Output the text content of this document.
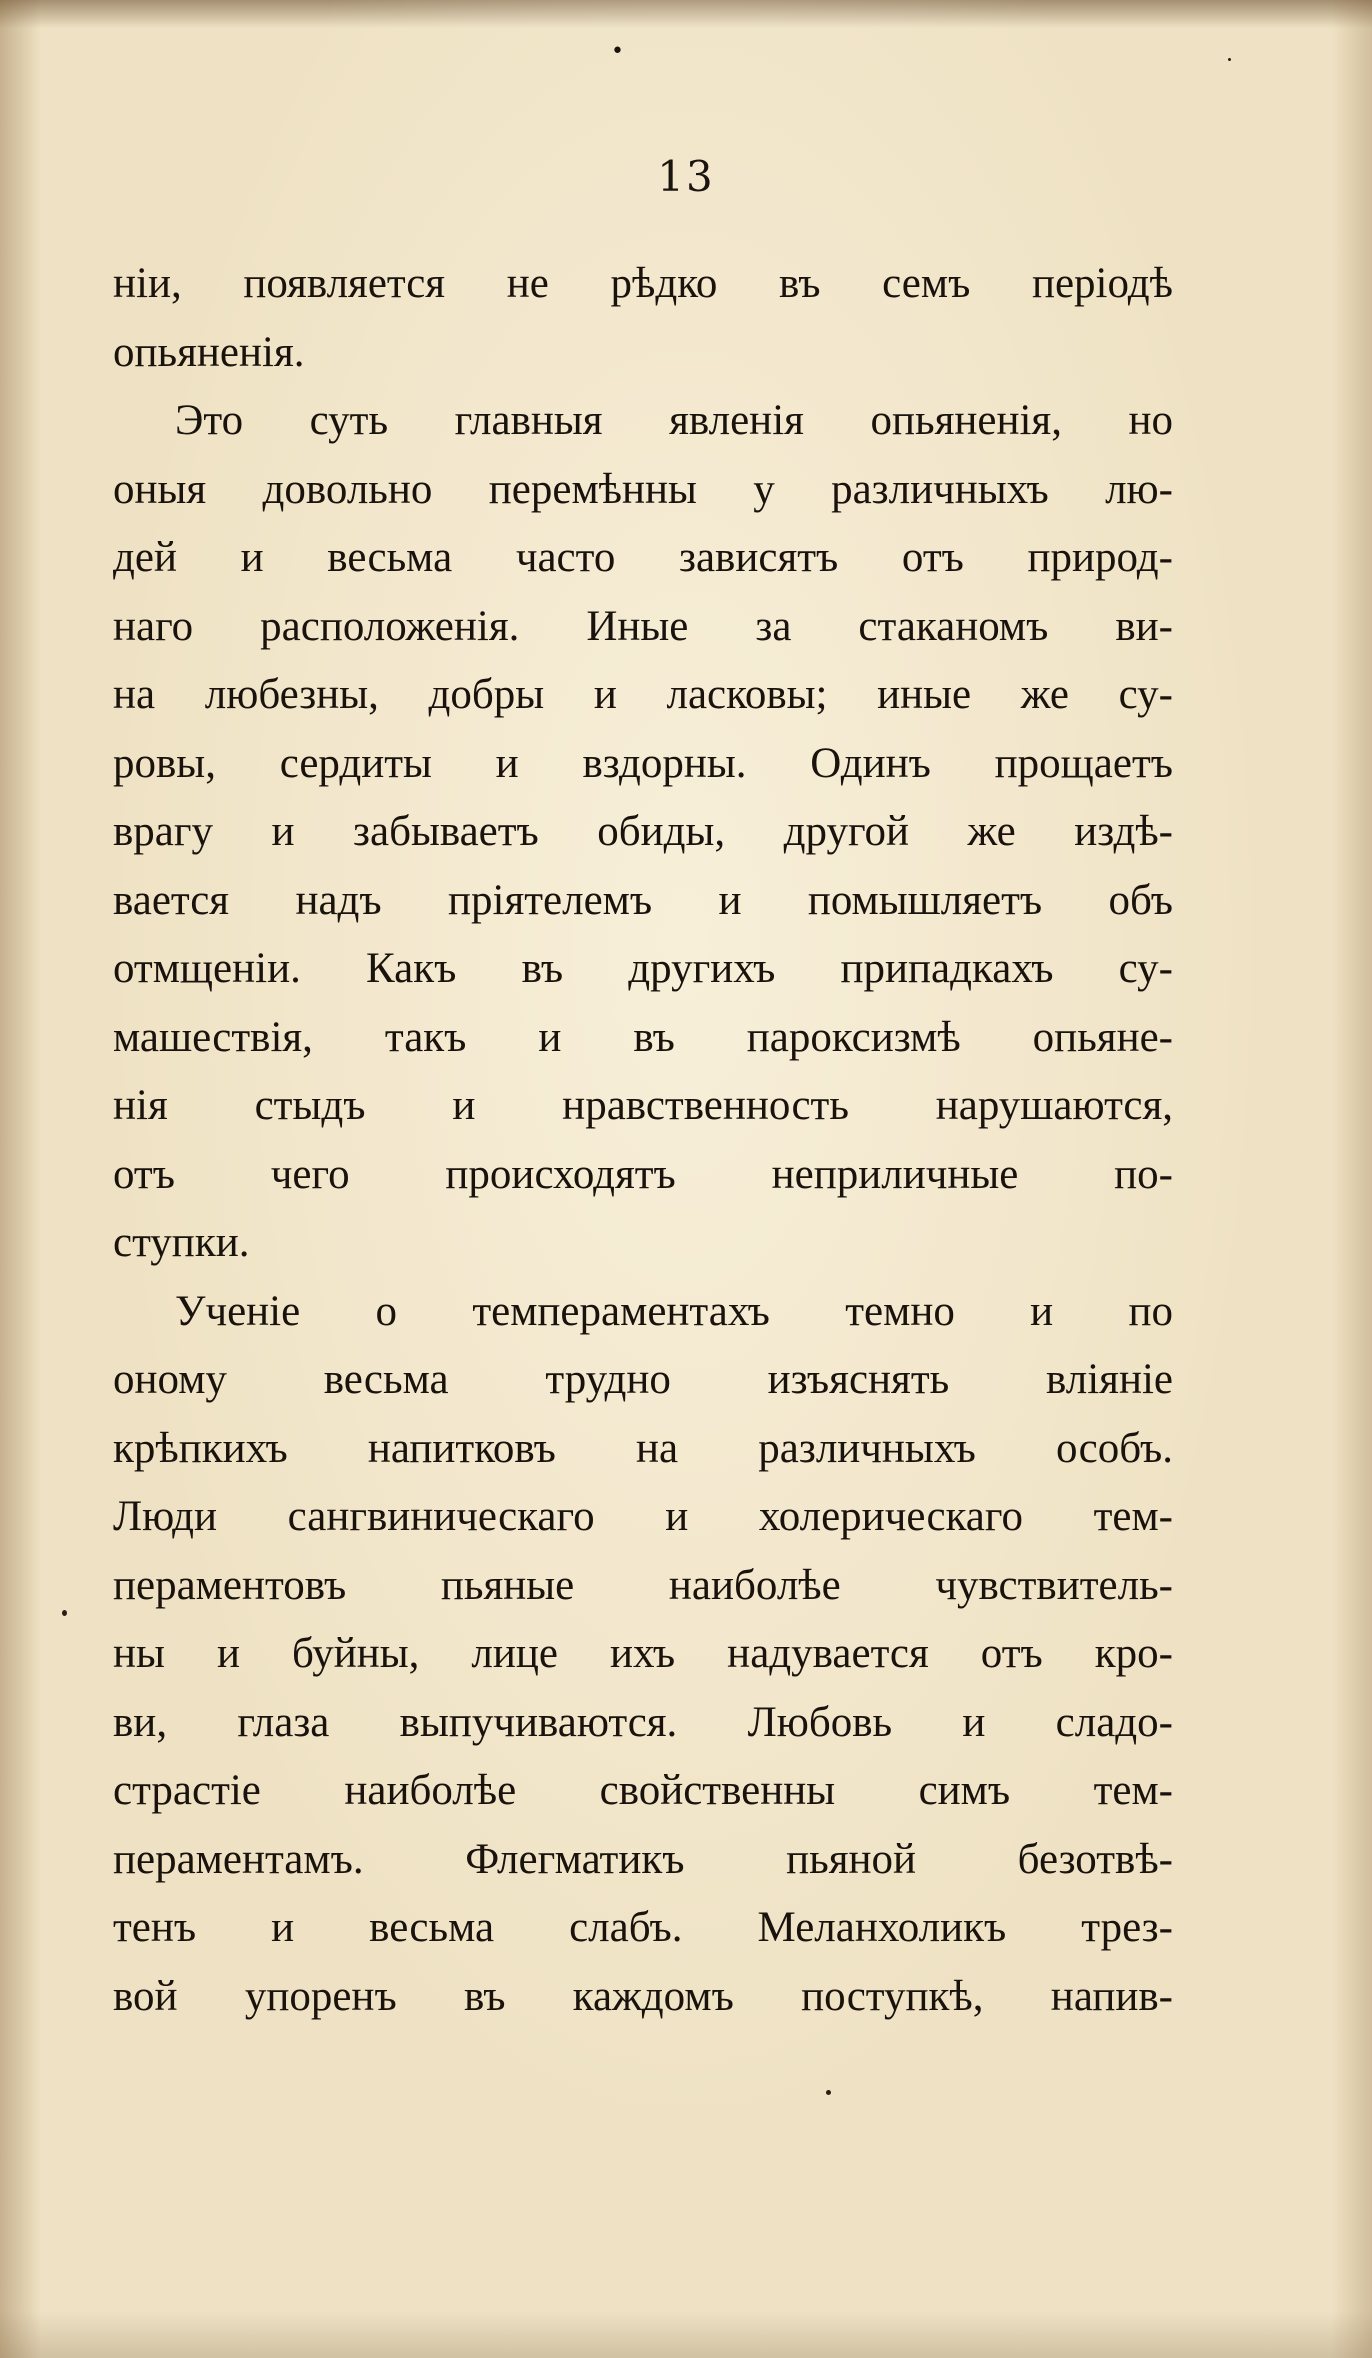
•
13
нiи, появляется не рѣдко въ семъ перiодѣ
опьяненiя.
Это суть главныя явленiя опьяненiя, но
оныя довольно перемѣнны у различныхъ лю-
дей и весьма часто зависятъ отъ природ-
наго расположенiя. Иные за стаканомъ ви-
на любезны, добры и ласковы; иные же су-
ровы, сердиты и вздорны. Одинъ прощаетъ
врагу и забываетъ обиды, другой же издѣ-
вается надъ прiятелемъ и помышляетъ объ
отмщенiи. Какъ въ другихъ припадкахъ су-
машествiя, такъ и въ пароксизмѣ опьяне-
нiя стыдъ и нравственность нарушаются,
отъ чего происходятъ неприличные по-
ступки.
Ученiе о темпераментахъ темно и по
оному весьма трудно изъяснять влiянiе
крѣпкихъ напитковъ на различныхъ особъ.
Люди сангвиническаго и холерическаго тем-
пераментовъ пьяные наиболѣе чувствитель-
ны и буйны, лице ихъ надувается отъ кро-
ви, глаза выпучиваются. Любовь и сладо-
страстiе наиболѣе свойственны симъ тем-
пераментамъ. Флегматикъ пьяной безотвѣ-
тенъ и весьма слабъ. Меланхоликъ трез-
вой упоренъ въ каждомъ поступкѣ, напив-
